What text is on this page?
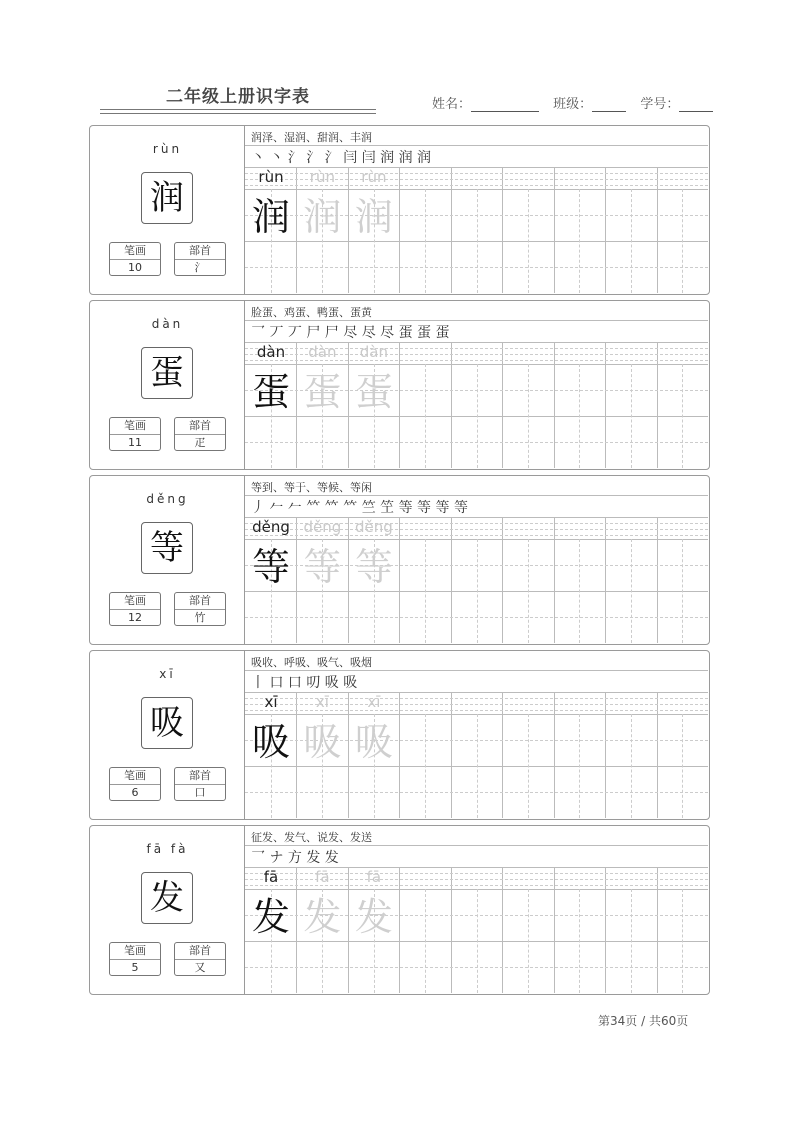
二年级上册识字表	姓名：	班级：	学号：
rùn
润
笔画
10
部首
氵
润泽、湿润、甜润、丰润
丶 丶 氵 氵 氵 闫 闫 润 润 润
rùn
润
rùn
润
rùn
润
dàn
蛋
笔画
11
部首
疋
脸蛋、鸡蛋、鸭蛋、蛋黄
乛 丆 丆 尸 尸 尽 尽 尽 蛋 蛋 蛋
dàn
蛋
dàn
蛋
dàn
蛋
děng
等
笔画
12
部首
竹
等到、等于、等候、等闲
丿 𠂉 𠂉 𥫗 𥫗 𥫗 竺 笁 等 等 等 等
děng
等
děng
等
děng
等
xī
吸
笔画
6
部首
口
吸收、呼吸、吸气、吸烟
丨 口 口 叨 吸 吸
xī
吸
xī
吸
xī
吸
fā fà
发
笔画
5
部首
又
征发、发气、说发、发送
乛 ナ 方 发 发
fā
发
fā
发
fā
发
第34页 / 共60页
